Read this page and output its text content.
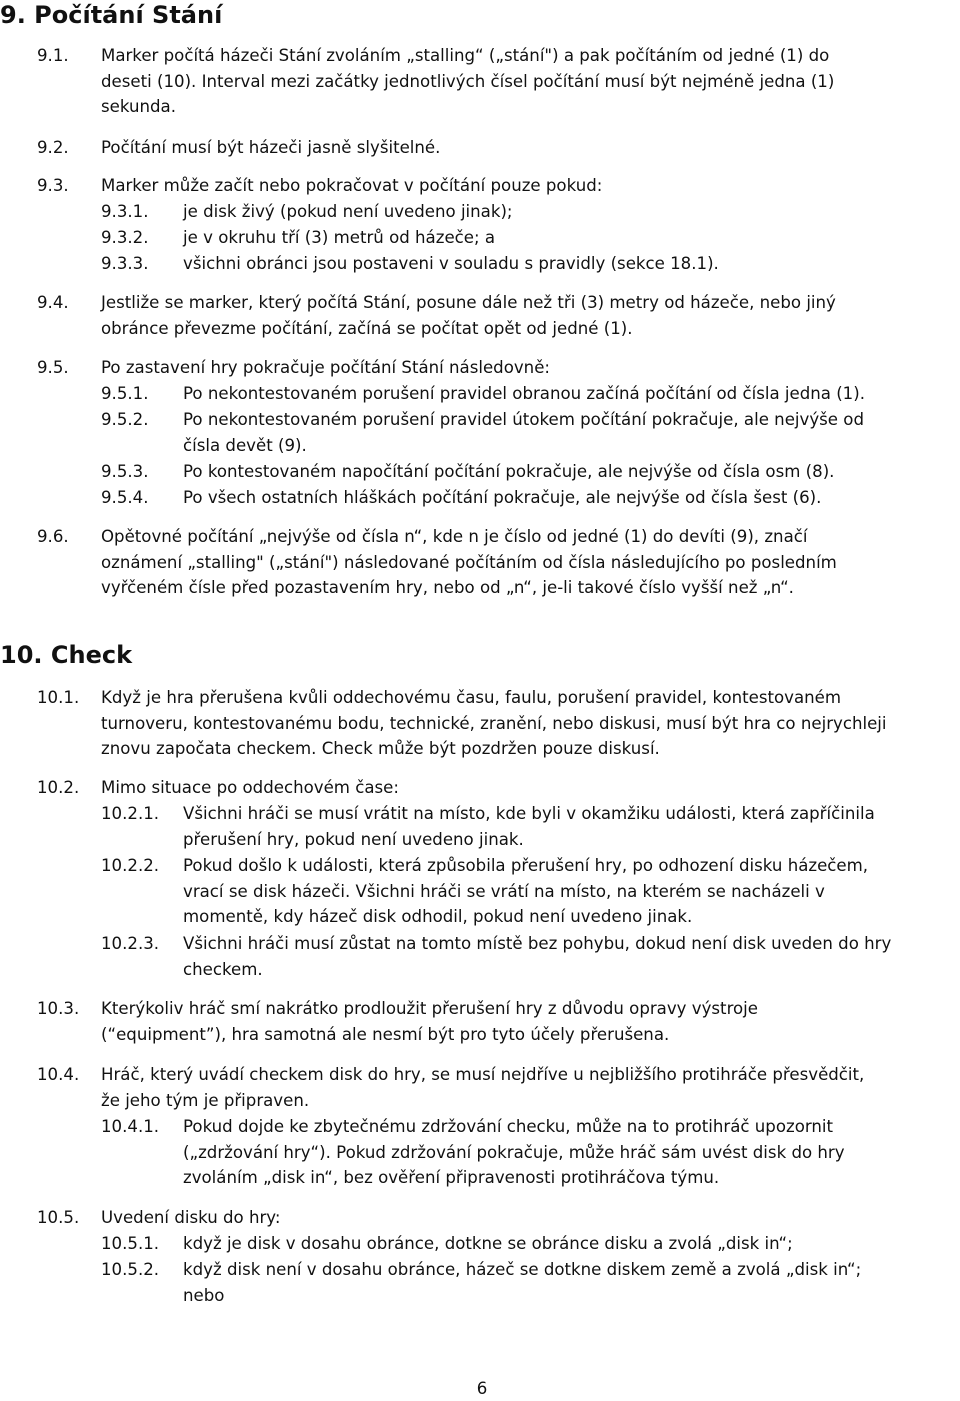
9. Počítání Stání
9.1. Marker počítá házeči Stání zvoláním „stalling“ („stání") a pak počítáním od jedné (1) do
deseti (10). Interval mezi začátky jednotlivých čísel počítání musí být nejméně jedna (1)
sekunda.
9.2. Počítání musí být házeči jasně slyšitelné.
9.3. Marker může začít nebo pokračovat v počítání pouze pokud:
9.3.1. je disk živý (pokud není uvedeno jinak);
9.3.2. je v okruhu tří (3) metrů od házeče; a
9.3.3. všichni obránci jsou postaveni v souladu s pravidly (sekce 18.1).
9.4. Jestliže se marker, který počítá Stání, posune dále než tři (3) metry od házeče, nebo jiný
obránce převezme počítání, začíná se počítat opět od jedné (1).
9.5. Po zastavení hry pokračuje počítání Stání následovně:
9.5.1. Po nekontestovaném porušení pravidel obranou začíná počítání od čísla jedna (1).
9.5.2. Po nekontestovaném porušení pravidel útokem počítání pokračuje, ale nejvýše od
čísla devět (9).
9.5.3. Po kontestovaném napočítání počítání pokračuje, ale nejvýše od čísla osm (8).
9.5.4. Po všech ostatních hláškách počítání pokračuje, ale nejvýše od čísla šest (6).
9.6. Opětovné počítání „nejvýše od čísla n“, kde n je číslo od jedné (1) do devíti (9), značí
oznámení „stalling" („stání") následované počítáním od čísla následujícího po posledním
vyřčeném čísle před pozastavením hry, nebo od „n“, je-li takové číslo vyšší než „n“.
10. Check
10.1. Když je hra přerušena kvůli oddechovému času, faulu, porušení pravidel, kontestovaném
turnoveru, kontestovanému bodu, technické, zranění, nebo diskusi, musí být hra co nejrychleji
znovu započata checkem. Check může být pozdržen pouze diskusí.
10.2. Mimo situace po oddechovém čase:
10.2.1. Všichni hráči se musí vrátit na místo, kde byli v okamžiku události, která zapříčinila
přerušení hry, pokud není uvedeno jinak.
10.2.2. Pokud došlo k události, která způsobila přerušení hry, po odhození disku házečem,
vrací se disk házeči. Všichni hráči se vrátí na místo, na kterém se nacházeli v
momentě, kdy házeč disk odhodil, pokud není uvedeno jinak.
10.2.3. Všichni hráči musí zůstat na tomto místě bez pohybu, dokud není disk uveden do hry
checkem.
10.3. Kterýkoliv hráč smí nakrátko prodloužit přerušení hry z důvodu opravy výstroje
(“equipment”), hra samotná ale nesmí být pro tyto účely přerušena.
10.4. Hráč, který uvádí checkem disk do hry, se musí nejdříve u nejbližšího protihráče přesvědčit,
že jeho tým je připraven.
10.4.1. Pokud dojde ke zbytečnému zdržování checku, může na to protihráč upozornit
(„zdržování hry“). Pokud zdržování pokračuje, může hráč sám uvést disk do hry
zvoláním „disk in“, bez ověření připravenosti protihráčova týmu.
10.5. Uvedení disku do hry:
10.5.1. když je disk v dosahu obránce, dotkne se obránce disku a zvolá „disk in“;
10.5.2. když disk není v dosahu obránce, házeč se dotkne diskem země a zvolá „disk in“;
nebo
6
